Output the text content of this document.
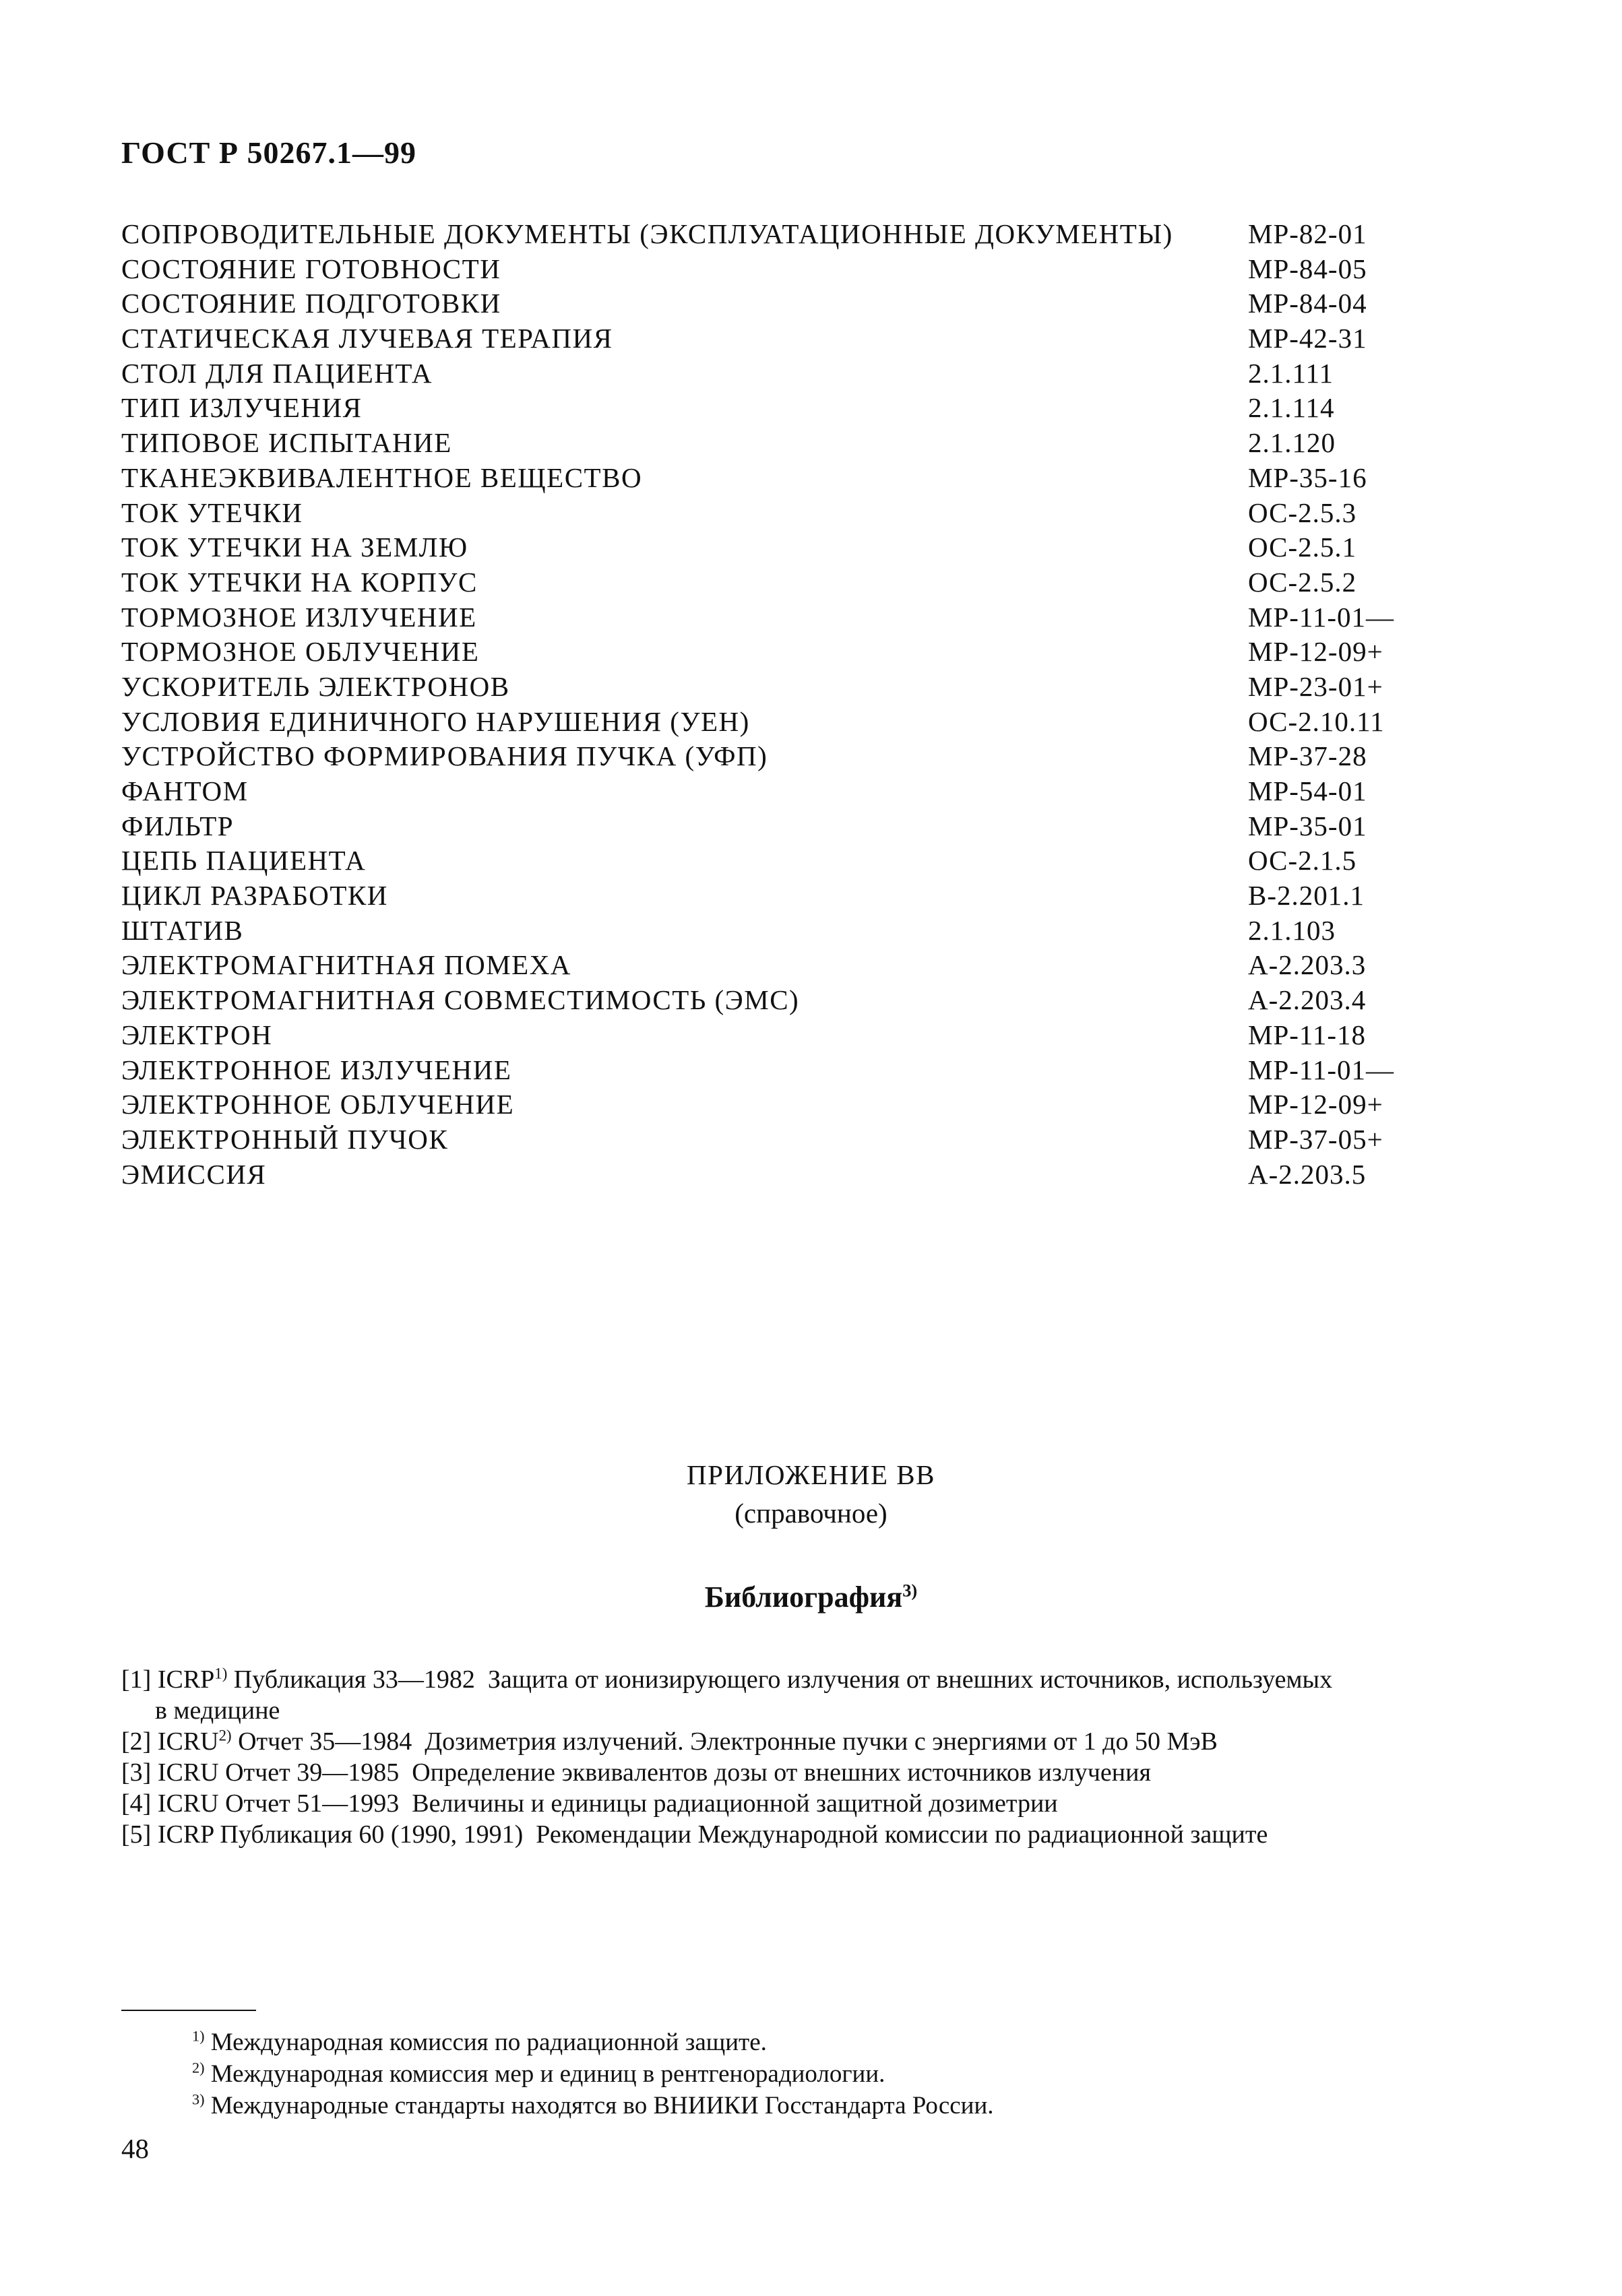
ГОСТ Р 50267.1—99
СОПРОВОДИТЕЛЬНЫЕ ДОКУМЕНТЫ (ЭКСПЛУАТАЦИОННЫЕ ДОКУМЕНТЫ)	МР-82-01
СОСТОЯНИЕ ГОТОВНОСТИ	МР-84-05
СОСТОЯНИЕ ПОДГОТОВКИ	МР-84-04
СТАТИЧЕСКАЯ ЛУЧЕВАЯ ТЕРАПИЯ	МР-42-31
СТОЛ ДЛЯ ПАЦИЕНТА	2.1.111
ТИП ИЗЛУЧЕНИЯ	2.1.114
ТИПОВОЕ ИСПЫТАНИЕ	2.1.120
ТКАНЕЭКВИВАЛЕНТНОЕ ВЕЩЕСТВО	МР-35-16
ТОК УТЕЧКИ	ОС-2.5.3
ТОК УТЕЧКИ НА ЗЕМЛЮ	ОС-2.5.1
ТОК УТЕЧКИ НА КОРПУС	ОС-2.5.2
ТОРМОЗНОЕ ИЗЛУЧЕНИЕ	МР-11-01—
ТОРМОЗНОЕ ОБЛУЧЕНИЕ	МР-12-09+
УСКОРИТЕЛЬ ЭЛЕКТРОНОВ	МР-23-01+
УСЛОВИЯ ЕДИНИЧНОГО НАРУШЕНИЯ (УЕН)	ОС-2.10.11
УСТРОЙСТВО ФОРМИРОВАНИЯ ПУЧКА (УФП)	МР-37-28
ФАНТОМ	МР-54-01
ФИЛЬТР	МР-35-01
ЦЕПЬ ПАЦИЕНТА	ОС-2.1.5
ЦИКЛ РАЗРАБОТКИ	В-2.201.1
ШТАТИВ	2.1.103
ЭЛЕКТРОМАГНИТНАЯ ПОМЕХА	А-2.203.3
ЭЛЕКТРОМАГНИТНАЯ СОВМЕСТИМОСТЬ (ЭМС)	А-2.203.4
ЭЛЕКТРОН	МР-11-18
ЭЛЕКТРОННОЕ ИЗЛУЧЕНИЕ	МР-11-01—
ЭЛЕКТРОННОЕ ОБЛУЧЕНИЕ	МР-12-09+
ЭЛЕКТРОННЫЙ ПУЧОК	МР-37-05+
ЭМИССИЯ	А-2.203.5
ПРИЛОЖЕНИЕ ВВ
(справочное)
Библиография$^{3)}$
[1] ICRP$^{1)}$ Публикация 33—1982  Защита от ионизирующего излучения от внешних источников, используемых
в медицине
[2] ICRU$^{2)}$ Отчет 35—1984  Дозиметрия излучений. Электронные пучки с энергиями от 1 до 50 МэВ
[3] ICRU Отчет 39—1985  Определение эквивалентов дозы от внешних источников излучения
[4] ICRU Отчет 51—1993  Величины и единицы радиационной защитной дозиметрии
[5] ICRP Публикация 60 (1990, 1991)  Рекомендации Международной комиссии по радиационной защите
$^{1)}$ Международная комиссия по радиационной защите.
$^{2)}$ Международная комиссия мер и единиц в рентгенорадиологии.
$^{3)}$ Международные стандарты находятся во ВНИИКИ Госстандарта России.
48
